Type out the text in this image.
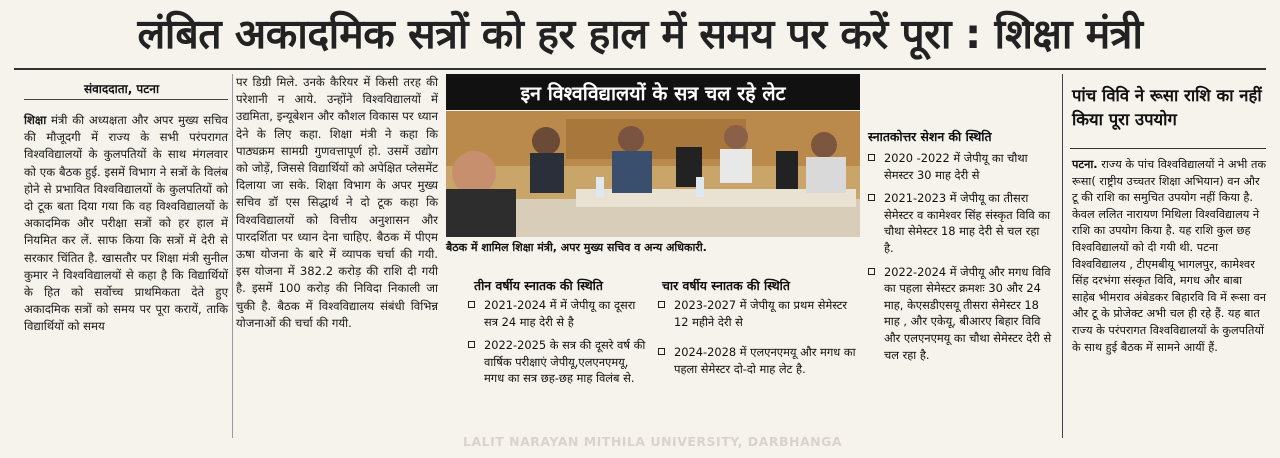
लंबित अकादमिक सत्रों को हर हाल में समय पर करें पूरा : शिक्षा मंत्री
संवाददाता, पटना

शिक्षा मंत्री की अध्यक्षता और अपर मुख्य सचिव की मौजूदगी में राज्य के सभी परंपरागत विश्वविद्यालयों के कुलपतियों के साथ मंगलवार को एक बैठक हुई. इसमें विभाग ने सत्रों के विलंब होने से प्रभावित विश्वविद्यालयों के कुलपतियों को दो टूक बता दिया गया कि वह विश्वविद्यालयों के अकादमिक और परीक्षा सत्रों को हर हाल में नियमित कर लें. साफ किया कि सत्रों में देरी से सरकार चिंतित है. खासतौर पर शिक्षा मंत्री सुनील कुमार ने विश्वविद्यालयों से कहा है कि विद्यार्थियों के हित को सर्वोच्च प्राथमिकता देते हुए अकादमिक सत्रों को समय पर पूरा करायें, ताकि विद्यार्थियों को समय

पर डिग्री मिले. उनके कैरियर में किसी तरह की परेशानी न आये. उन्होंने विश्वविद्यालयों में उद्यमिता, इन्यूबेशन और कौशल विकास पर ध्यान देने के लिए कहा. शिक्षा मंत्री ने कहा कि पाठ्यक्रम सामग्री गुणवत्तापूर्ण हो. उसमें उद्योग को जोड़ें, जिससे विद्यार्थियों को अपेक्षित प्लेसमेंट दिलाया जा सके. शिक्षा विभाग के अपर मुख्य सचिव डॉ एस सिद्धार्थ ने दो टूक कहा कि विश्वविद्यालयों को वित्तीय अनुशासन और पारदर्शिता पर ध्यान देना चाहिए. बैठक में पीएम ऊषा योजना के बारे में व्यापक चर्चा की गयी. इस योजना में 382.2 करोड़ की राशि दी गयी है. इसमें 100 करोड़ की निविदा निकाली जा चुकी है. बैठक में विश्वविद्यालय संबंधी विभिन्न योजनाओं की चर्चा की गयी.

इन विश्वविद्यालयों के सत्र चल रहे लेट
बैठक में शामिल शिक्षा मंत्री, अपर मुख्य सचिव व अन्य अधिकारी.
तीन वर्षीय स्नातक की स्थिति
2021-2024 में में जेपीयू का दूसरा सत्र 24 माह देरी से है
2022-2025 के सत्र की दूसरे वर्ष की वार्षिक परीक्षाएं जेपीयू,एलएनएमयू, मगध का सत्र छह-छह माह विलंब से.
चार वर्षीय स्नातक की स्थिति
2023-2027 में जेपीयू का प्रथम सेमेस्टर 12 महीने देरी से
2024-2028 में एलएनएमयू और मगध का पहला सेमेस्टर दो-दो माह लेट है.
स्नातकोत्तर सेशन की स्थिति
2020 -2022 में जेपीयू का चौथा सेमस्टर 30 माह देरी से
2021-2023 में जेपीयू का तीसरा सेमेस्टर व कामेश्वर सिंह संस्कृत विवि का चौथा सेमेस्टर 18 माह देरी से चल रहा है.
2022-2024 में जेपीयू और मगध विवि का पहला सेमेस्टर क्रमशः 30 और 24 माह, केएसडीएसयू तीसरा सेमेस्टर 18 माह , और एकेयू, बीआरए बिहार विवि और एलएनएमयू का चौथा सेमेस्टर देरी से चल रहा है.
LALIT NARAYAN MITHILA UNIVERSITY, DARBHANGA
पांच विवि ने रूसा राशि का नहीं किया पूरा उपयोग
पटना. राज्य के पांच विश्वविद्यालयों ने अभी तक रूसा( राष्ट्रीय उच्चतर शिक्षा अभियान) वन और टू की राशि का समुचित उपयोग नहीं किया है. केवल ललित नारायण मिथिला विश्वविद्यालय ने राशि का उपयोग किया है. यह राशि कुल छह विश्वविद्यालयों को दी गयी थी. पटना विश्वविद्यालय , टीएमबीयू भागलपुर, कामेश्वर सिंह दरभंगा संस्कृत विवि, मगध और बाबा साहेब भीमराव अंबेडकर बिहारवि वि में रूसा वन और टू के प्रोजेक्ट अभी चल ही रहे हैं. यह बात राज्य के परंपरागत विश्वविद्यालयों के कुलपतियों के साथ हुई बैठक में सामने आयीं हैं.
